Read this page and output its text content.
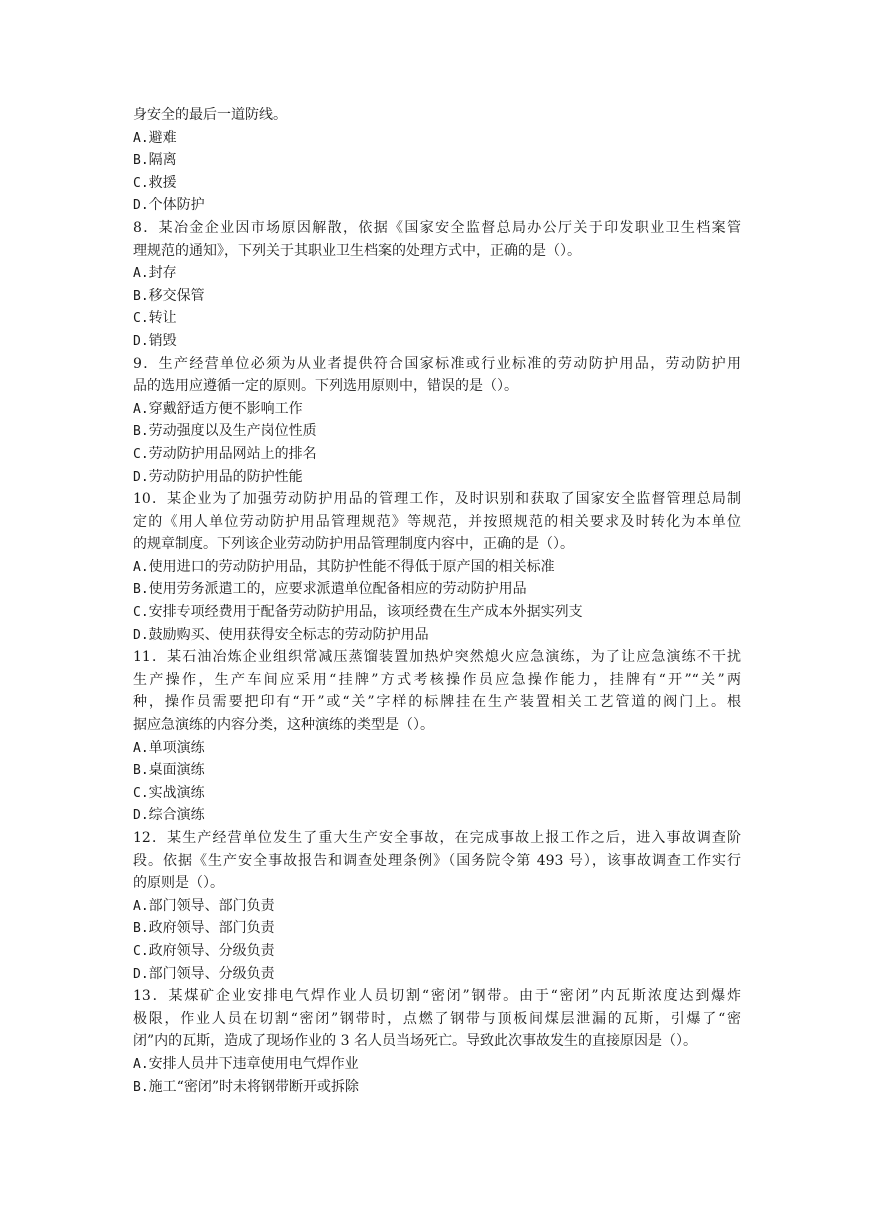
身安全的最后一道防线。
A.避难
B.隔离
C.救援
D.个体防护
8．某冶金企业因市场原因解散，依据《国家安全监督总局办公厅关于印发职业卫生档案管
理规范的通知》，下列关于其职业卫生档案的处理方式中，正确的是（）。
A.封存
B.移交保管
C.转让
D.销毁
9．生产经营单位必须为从业者提供符合国家标准或行业标准的劳动防护用品，劳动防护用
品的选用应遵循一定的原则。下列选用原则中，错误的是（）。
A.穿戴舒适方便不影响工作
B.劳动强度以及生产岗位性质
C.劳动防护用品网站上的排名
D.劳动防护用品的防护性能
10．某企业为了加强劳动防护用品的管理工作，及时识别和获取了国家安全监督管理总局制
定的《用人单位劳动防护用品管理规范》等规范，并按照规范的相关要求及时转化为本单位
的规章制度。下列该企业劳动防护用品管理制度内容中，正确的是（）。
A.使用进口的劳动防护用品，其防护性能不得低于原产国的相关标准
B.使用劳务派遣工的，应要求派遣单位配备相应的劳动防护用品
C.安排专项经费用于配备劳动防护用品，该项经费在生产成本外据实列支
D.鼓励购买、使用获得安全标志的劳动防护用品
11．某石油冶炼企业组织常减压蒸馏装置加热炉突然熄火应急演练，为了让应急演练不干扰
生产操作，生产车间应采用“挂牌”方式考核操作员应急操作能力，挂牌有“开”“关”两
种，操作员需要把印有“开”或“关”字样的标牌挂在生产装置相关工艺管道的阀门上。根
据应急演练的内容分类，这种演练的类型是（）。
A.单项演练
B.桌面演练
C.实战演练
D.综合演练
12．某生产经营单位发生了重大生产安全事故，在完成事故上报工作之后，进入事故调查阶
段。依据《生产安全事故报告和调查处理条例》（国务院令第 493 号），该事故调查工作实行
的原则是（）。
A.部门领导、部门负责
B.政府领导、部门负责
C.政府领导、分级负责
D.部门领导、分级负责
13．某煤矿企业安排电气焊作业人员切割“密闭”钢带。由于“密闭”内瓦斯浓度达到爆炸
极限，作业人员在切割“密闭”钢带时，点燃了钢带与顶板间煤层泄漏的瓦斯，引爆了“密
闭”内的瓦斯，造成了现场作业的 3 名人员当场死亡。导致此次事故发生的直接原因是（）。
A.安排人员井下违章使用电气焊作业
B.施工“密闭”时未将钢带断开或拆除
